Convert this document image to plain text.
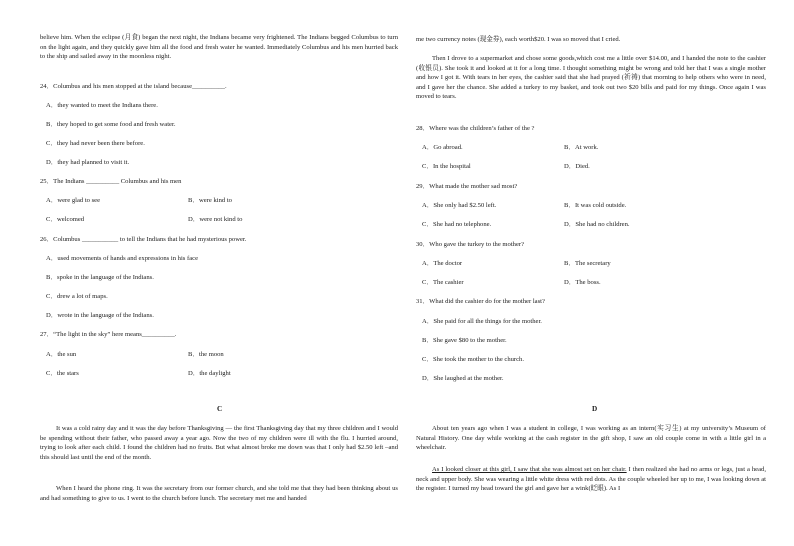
believe him. When the eclipse (月食) began the next night, the Indians became very frightened. The Indians begged Columbus to turn on the light again, and they quickly gave him all the food and fresh water he wanted. Immediately Columbus and his men hurried back to the ship and sailed away in the moonless night.
24．Columbus and his men stopped at the island because__________.
A．they wanted to meet the Indians there.
B．they hoped to get some food and fresh water.
C．they had never been there before.
D．they had planned to visit it.
25．The Indians __________ Columbus and his men
A．were glad to see	B．were kind to
C．welcomed	D．were not kind to
26．Columbus ___________ to tell the Indians that he had mysterious power.
A．used movements of hands and expressions in his face
B．spoke in the language of the Indians.
C．drew a lot of maps.
D．wrote in the language of the Indians.
27．“The light in the sky” here means__________.
A．the sun	B．the moon
C．the stars	D．the daylight
C
It was a cold rainy day and it was the day before Thanksgiving — the first Thanksgiving day that my three children and I would be spending without their father, who passed away a year ago. Now the two of my children were ill with the flu. I hurried around, trying to look after each child. I found the children had no fruits. But what almost broke me down was that I only had $2.50 left –and this should last until the end of the month.
When I heard the phone ring. It was the secretary from our former church, and she told me that they had been thinking about us and had something to give to us. I went to the church before lunch. The secretary met me and handed
me two currency notes (现金券), each worth$20. I was so moved that I cried.
Then I drove to a supermarket and chose some goods,which cost me a little over $14.00, and I handed the note to the cashier (收银员). She took it and looked at it for a long time. I thought something might be wrong and told her that I was a single mother and how I got it. With tears in her eyes, the cashier said that she had prayed (祈祷) that morning to help others who were in need, and I gave her the chance. She added a turkey to my basket, and took out two $20 bills and paid for my things. Once again I was moved to tears.
28．Where was the children’s father of the ?
A．Go abroad.	B．At work.
C．In the hospital	D．Died.
29．What made the mother sad most?
A．She only had $2.50 left.	B．It was cold outside.
C．She had no telephone.	D．She had no children.
30．Who gave the turkey to the mother?
A．The doctor	B．The secretary
C．The cashier	D．The boss.
31．What did the cashier do for the mother last?
A．She paid for all the things for the mother.
B．She gave $80 to the mother.
C．She took the mother to the church.
D．She laughed at the mother.
D
About ten years ago when I was a student in college, I was working as an intern(实习生) at my university’s Museum of Natural History. One day while working at the cash register in the gift shop, I saw an old couple come in with a little girl in a wheelchair.
As I looked closer at this girl, I saw that she was almost set on her chair. I then realized she had no arms or legs, just a head, neck and upper body. She was wearing a little white dress with red dots. As the couple wheeled her up to me, I was looking down at the register. I turned my head toward the girl and gave her a wink(眨眼). As I
